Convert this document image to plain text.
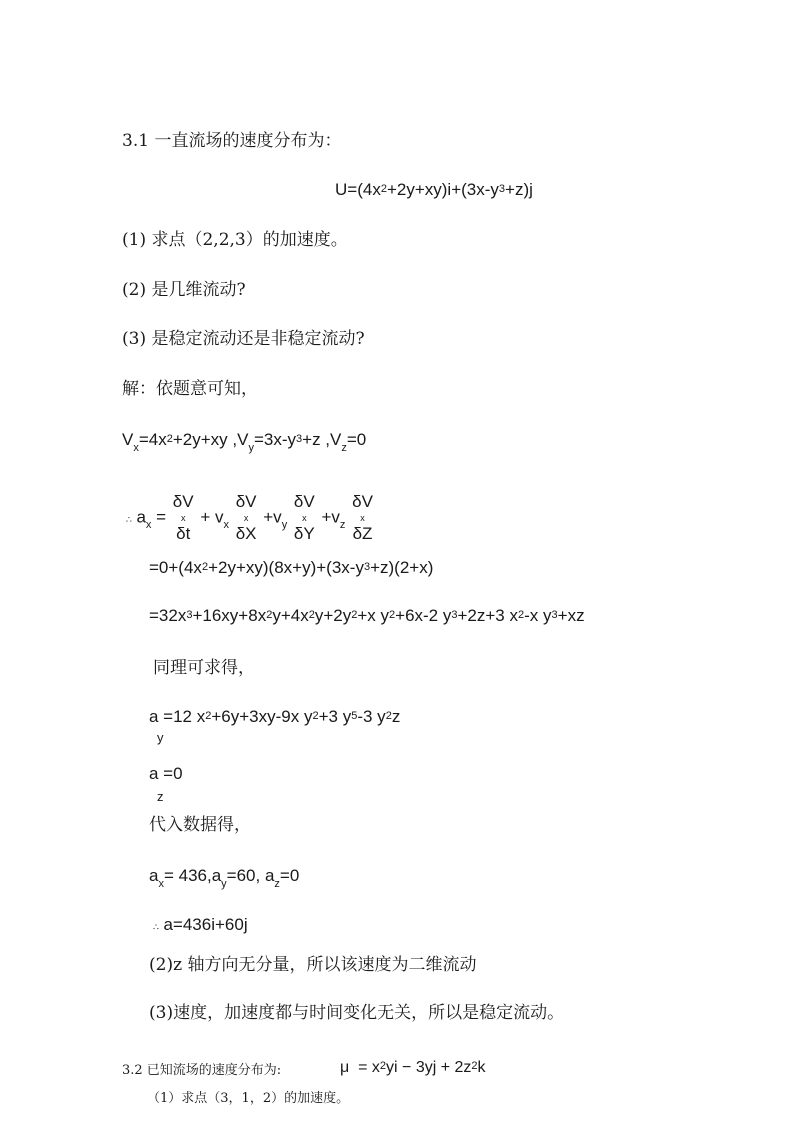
3.1 一直流场的速度分布为：
U=(4x2+2y+xy)i+(3x-y3+z)j
(1) 求点（2,2,3）的加速度。
(2) 是几维流动?
(3) 是稳定流动还是非稳定流动?
解：依题意可知，
$V_x=4x2+2y+xy$ $,V_y=3x-y3+z$ $,V_z=0$
∴ $a_x$ =
δV
x
δt
+ $v_x$
δV
x
δX
$+v_y$
δV
x
δY
$+v_z$
δV
x
δZ
=0+(4x2+2y+xy)(8x+y)+(3x-y3+z)(2+x)
=32x3+16xy+8x2y+4x2y+2y2+x y2+6x-2 y3+2z+3 x2-x y3+xz
同理可求得，
a =12 x2+6y+3xy-9x y2+3 y5-3 y2z
y
a =0
z
代入数据得，
$a_x= 436,a_y=60$, $a_z=0$
∴ a=436i+60j
(2)z 轴方向无分量，所以该速度为二维流动
(3)速度，加速度都与时间变化无关，所以是稳定流动。
3.2 已知流场的速度分布为:	μ  = x2yi − 3yj + 2z2k
（1）求点（3，1，2）的加速度。
